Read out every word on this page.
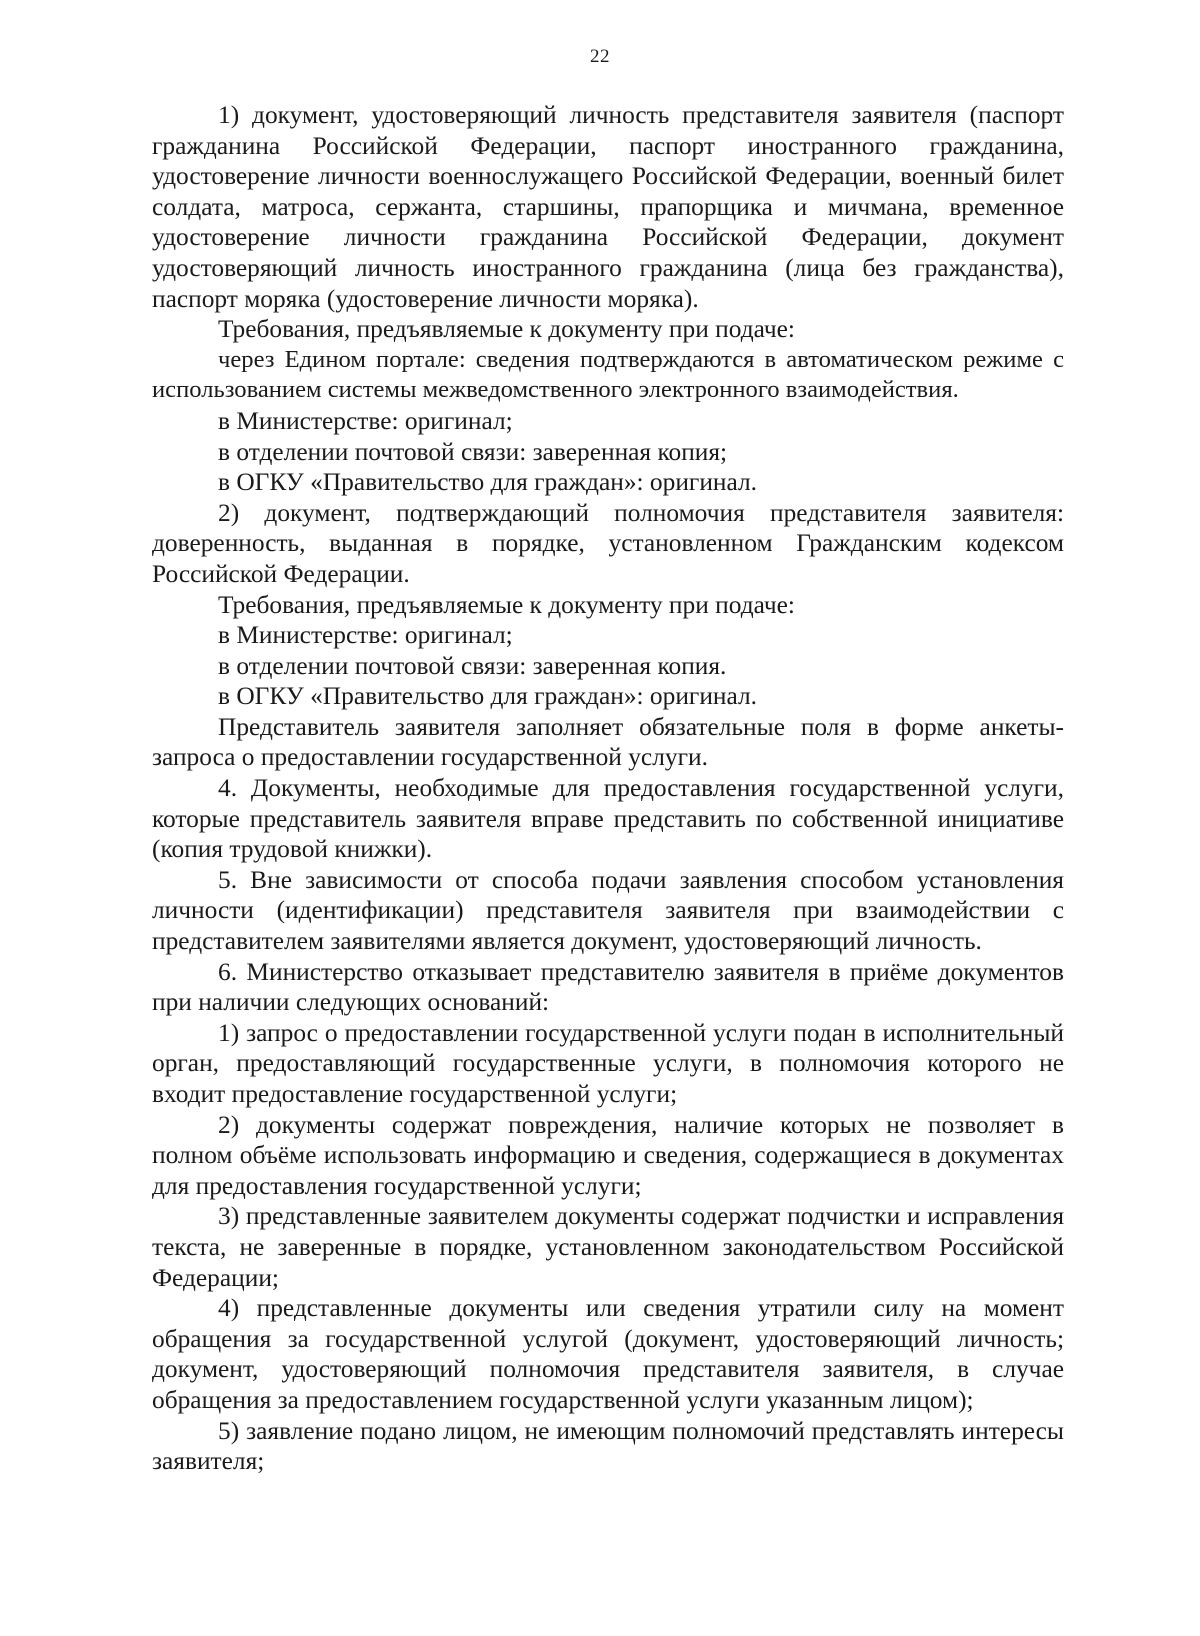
22

1) документ, удостоверяющий личность представителя заявителя (паспорт гражданина Российской Федерации, паспорт иностранного гражданина, удостоверение личности военнослужащего Российской Федерации, военный билет солдата, матроса, сержанта, старшины, прапорщика и мичмана, временное удостоверение личности гражданина Российской Федерации, документ удостоверяющий личность иностранного гражданина (лица без гражданства), паспорт моряка (удостоверение личности моряка).

Требования, предъявляемые к документу при подаче:

через Едином портале: сведения подтверждаются в автоматическом режиме с использованием системы межведомственного электронного взаимодействия.

в Министерстве: оригинал;

в отделении почтовой связи: заверенная копия;

в ОГКУ «Правительство для граждан»: оригинал.

2) документ, подтверждающий полномочия представителя заявителя: доверенность, выданная в порядке, установленном Гражданским кодексом Российской Федерации.

Требования, предъявляемые к документу при подаче:

в Министерстве: оригинал;

в отделении почтовой связи: заверенная копия.

в ОГКУ «Правительство для граждан»: оригинал.

Представитель заявителя заполняет обязательные поля в форме анкеты-запроса о предоставлении государственной услуги.

4. Документы, необходимые для предоставления государственной услуги, которые представитель заявителя вправе представить по собственной инициативе (копия трудовой книжки).

5. Вне зависимости от способа подачи заявления способом установления личности (идентификации) представителя заявителя при взаимодействии с представителем заявителями является документ, удостоверяющий личность.

6. Министерство отказывает представителю заявителя в приёме документов при наличии следующих оснований:

1) запрос о предоставлении государственной услуги подан в исполнительный орган, предоставляющий государственные услуги, в полномочия которого не входит предоставление государственной услуги;

2) документы содержат повреждения, наличие которых не позволяет в полном объёме использовать информацию и сведения, содержащиеся в документах для предоставления государственной услуги;

3) представленные заявителем документы содержат подчистки и исправления текста, не заверенные в порядке, установленном законодательством Российской Федерации;

4) представленные документы или сведения утратили силу на момент обращения за государственной услугой (документ, удостоверяющий личность; документ, удостоверяющий полномочия представителя заявителя, в случае обращения за предоставлением государственной услуги указанным лицом);

5) заявление подано лицом, не имеющим полномочий представлять интересы заявителя;
